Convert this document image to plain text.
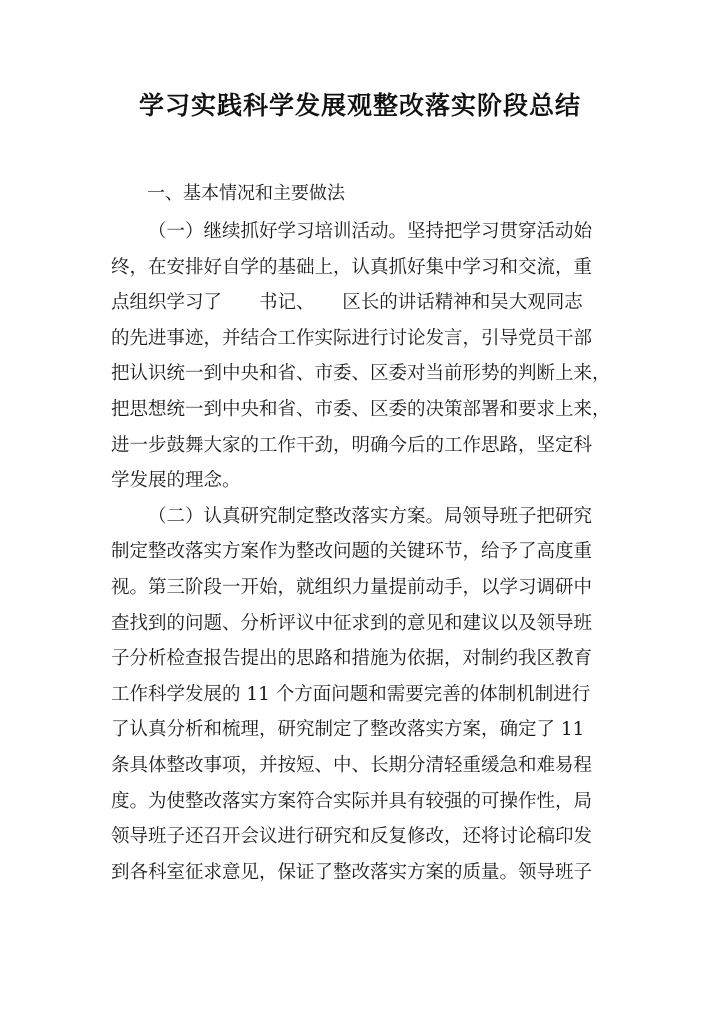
学习实践科学发展观整改落实阶段总结
一、基本情况和主要做法
（一）继续抓好学习培训活动。坚持把学习贯穿活动始
终，在安排好自学的基础上，认真抓好集中学习和交流，重
点组织学习了　　书记、　　区长的讲话精神和吴大观同志
的先进事迹，并结合工作实际进行讨论发言，引导党员干部
把认识统一到中央和省、市委、区委对当前形势的判断上来，
把思想统一到中央和省、市委、区委的决策部署和要求上来，
进一步鼓舞大家的工作干劲，明确今后的工作思路，坚定科
学发展的理念。
（二）认真研究制定整改落实方案。局领导班子把研究
制定整改落实方案作为整改问题的关键环节，给予了高度重
视。第三阶段一开始，就组织力量提前动手，以学习调研中
查找到的问题、分析评议中征求到的意见和建议以及领导班
子分析检查报告提出的思路和措施为依据，对制约我区教育
工作科学发展的 11 个方面问题和需要完善的体制机制进行
了认真分析和梳理，研究制定了整改落实方案，确定了 11
条具体整改事项，并按短、中、长期分清轻重缓急和难易程
度。为使整改落实方案符合实际并具有较强的可操作性，局
领导班子还召开会议进行研究和反复修改，还将讨论稿印发
到各科室征求意见，保证了整改落实方案的质量。领导班子
